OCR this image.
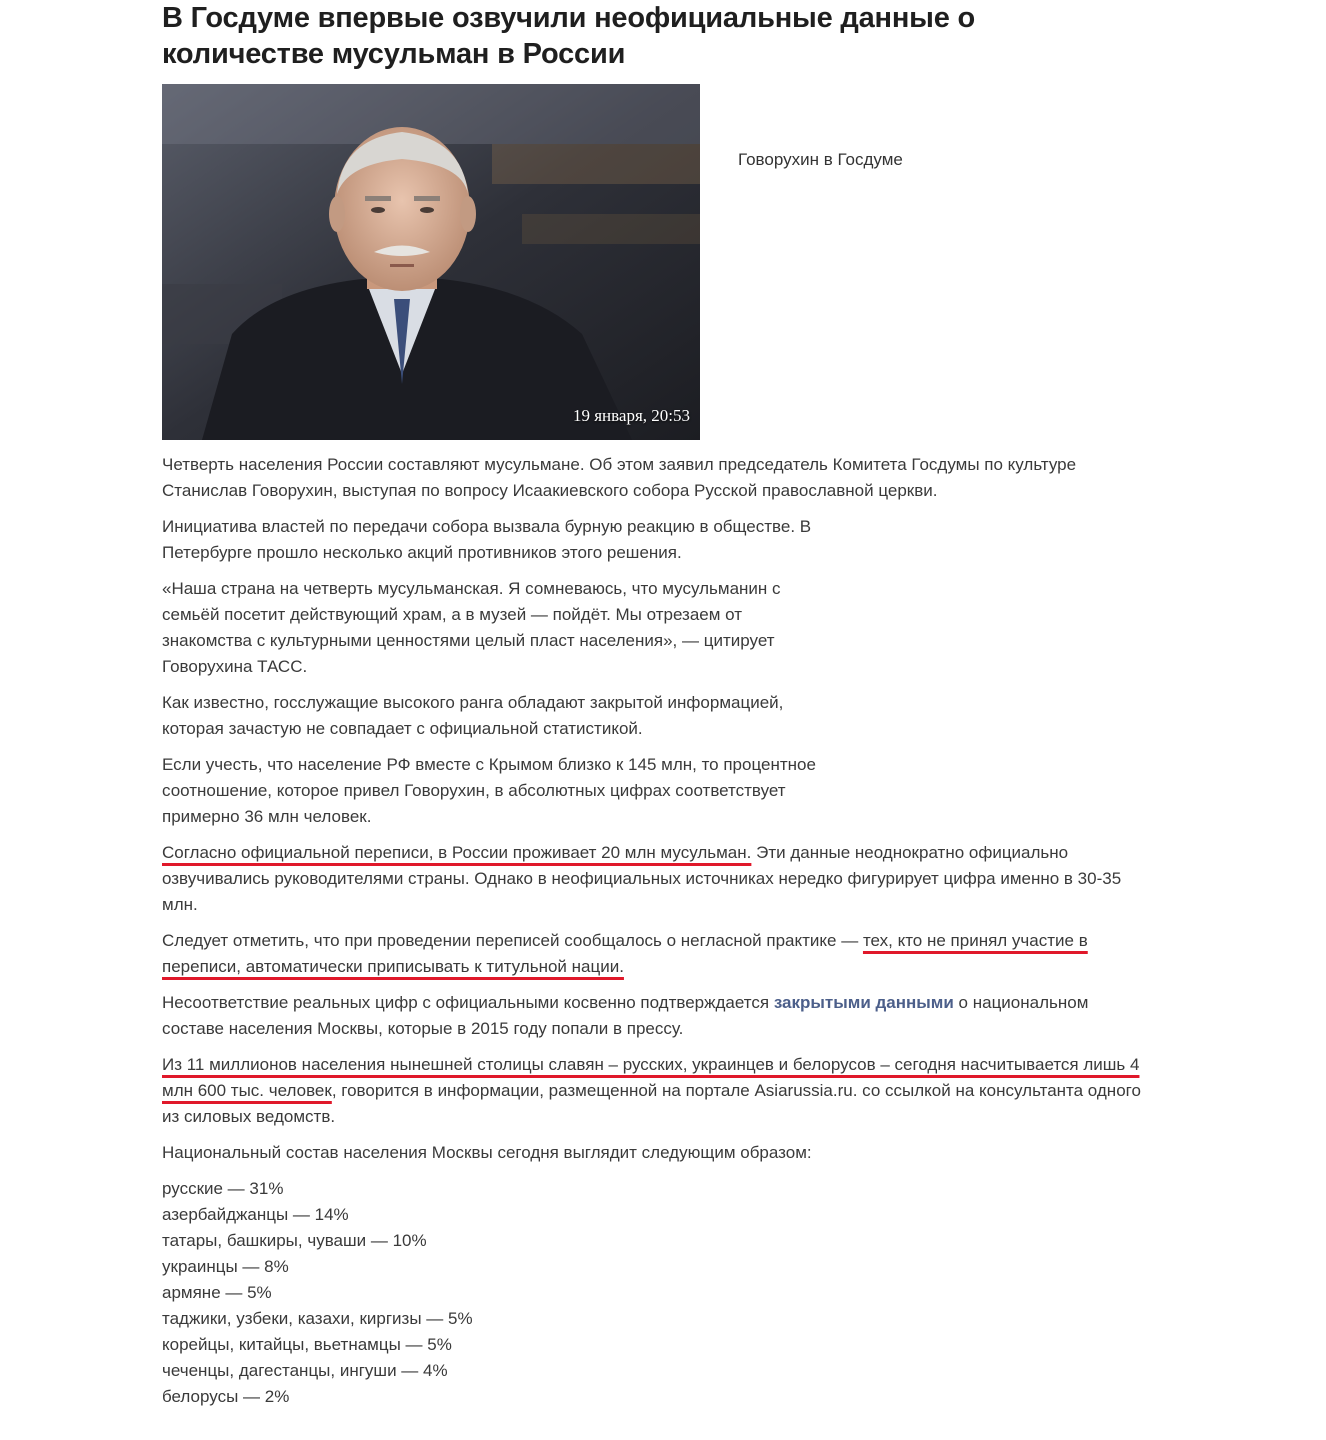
В Госдуме впервые озвучили неофициальные данные о количестве мусульман в России
19 января, 20:53
Говорухин в Госдуме

Четверть населения России составляют мусульмане. Об этом заявил председатель Комитета Госдумы по культуре Станислав Говорухин, выступая по вопросу Исаакиевского собора Русской православной церкви.

Инициатива властей по передачи собора вызвала бурную реакцию в обществе. В Петербурге прошло несколько акций противников этого решения.

«Наша страна на четверть мусульманская. Я сомневаюсь, что мусульманин с семьёй посетит действующий храм, а в музей — пойдёт. Мы отрезаем от знакомства с культурными ценностями целый пласт населения», — цитирует Говорухина ТАСС.

Как известно, госслужащие высокого ранга обладают закрытой информацией, которая зачастую не совпадает с официальной статистикой.

Если учесть, что население РФ вместе с Крымом близко к 145 млн, то процентное соотношение, которое привел Говорухин, в абсолютных цифрах соответствует примерно 36 млн человек.

Согласно официальной переписи, в России проживает 20 млн мусульман. Эти данные неоднократно официально озвучивались руководителями страны. Однако в неофициальных источниках нередко фигурирует цифра именно в 30-35 млн.

Следует отметить, что при проведении переписей сообщалось о негласной практике — тех, кто не принял участие в переписи, автоматически приписывать к титульной нации.

Несоответствие реальных цифр с официальными косвенно подтверждается закрытыми данными о национальном составе населения Москвы, которые в 2015 году попали в прессу.

Из 11 миллионов населения нынешней столицы славян – русских, украинцев и белорусов – сегодня насчитывается лишь 4 млн 600 тыс. человек, говорится в информации, размещенной на портале Asiarussia.ru. со ссылкой на консультанта одного из силовых ведомств.

Национальный состав населения Москвы сегодня выглядит следующим образом:

русские — 31%
азербайджанцы — 14%
татары, башкиры, чуваши — 10%
украинцы — 8%
армяне — 5%
таджики, узбеки, казахи, киргизы — 5%
корейцы, китайцы, вьетнамцы — 5%
чеченцы, дагестанцы, ингуши — 4%
белорусы — 2%
